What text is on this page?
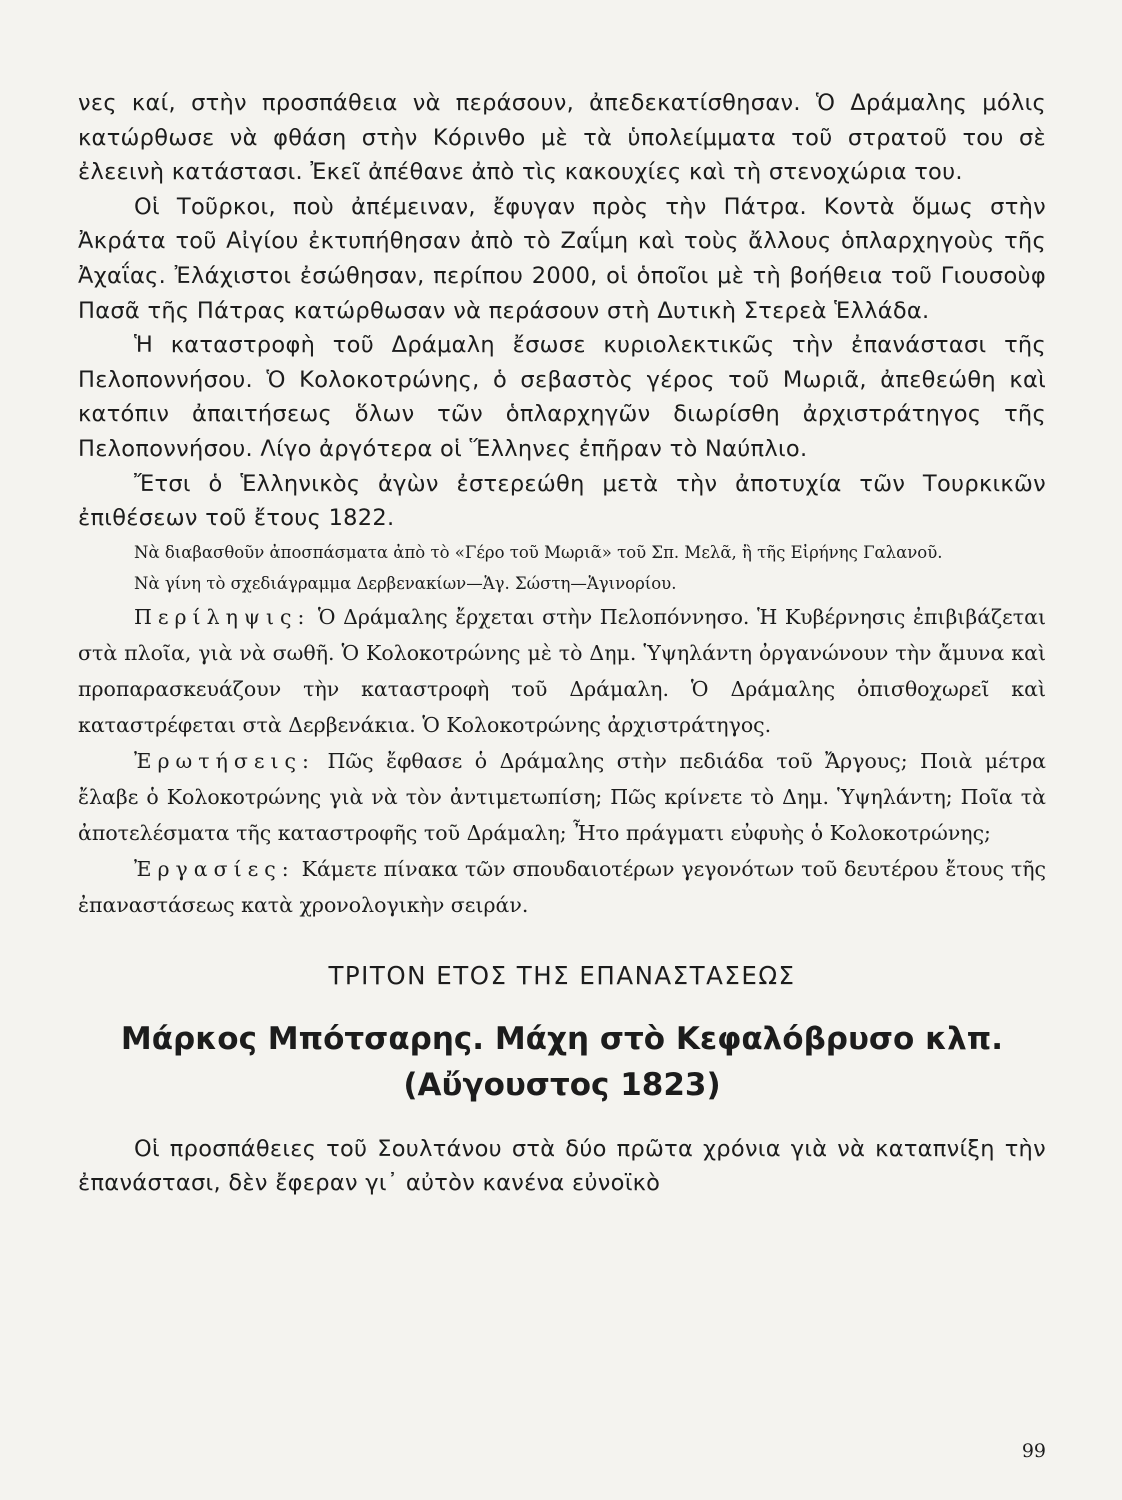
νες καί, στὴν προσπάθεια νὰ περάσουν, ἀπεδεκατίσθησαν. Ὁ Δράμαλης μόλις κατώρθωσε νὰ φθάση στὴν Κόρινθο μὲ τὰ ὑπολείμματα τοῦ στρατοῦ του σὲ ἐλεεινὴ κατάστασι. Ἐκεῖ ἀπέθανε ἀπὸ τὶς κακουχίες καὶ τὴ στενοχώρια του.

Οἱ Τοῦρκοι, ποὺ ἀπέμειναν, ἔφυγαν πρὸς τὴν Πάτρα. Κοντὰ ὅμως στὴν Ἀκράτα τοῦ Αἰγίου ἐκτυπήθησαν ἀπὸ τὸ Ζαΐμη καὶ τοὺς ἄλλους ὁπλαρχηγοὺς τῆς Ἀχαΐας. Ἐλάχιστοι ἐσώθησαν, περίπου 2000, οἱ ὁποῖοι μὲ τὴ βοήθεια τοῦ Γιουσοὺφ Πασᾶ τῆς Πάτρας κατώρθωσαν νὰ περάσουν στὴ Δυτικὴ Στερεὰ Ἑλλάδα.

Ἡ καταστροφὴ τοῦ Δράμαλη ἔσωσε κυριολεκτικῶς τὴν ἐπανάστασι τῆς Πελοποννήσου. Ὁ Κολοκοτρώνης, ὁ σεβαστὸς γέρος τοῦ Μωριᾶ, ἀπεθεώθη καὶ κατόπιν ἀπαιτήσεως ὅλων τῶν ὁπλαρχηγῶν διωρίσθη ἀρχιστράτηγος τῆς Πελοποννήσου. Λίγο ἀργότερα οἱ Ἕλληνες ἐπῆραν τὸ Ναύπλιο.

Ἔτσι ὁ Ἑλληνικὸς ἀγὼν ἐστερεώθη μετὰ τὴν ἀποτυχία τῶν Τουρκικῶν ἐπιθέσεων τοῦ ἔτους 1822.

Νὰ διαβασθοῦν ἀποσπάσματα ἀπὸ τὸ «Γέρο τοῦ Μωριᾶ» τοῦ Σπ. Μελᾶ, ἢ τῆς Εἰρήνης Γαλανοῦ.

Νὰ γίνη τὸ σχεδιάγραμμα Δερβενακίων—Ἁγ. Σώστη—Ἁγινορίου.

Περίληψις: Ὁ Δράμαλης ἔρχεται στὴν Πελοπόννησο. Ἡ Κυβέρνησις ἐπιβιβάζεται στὰ πλοῖα, γιὰ νὰ σωθῆ. Ὁ Κολοκοτρώνης μὲ τὸ Δημ. Ὑψηλάντη ὀργανώνουν τὴν ἄμυνα καὶ προπαρασκευάζουν τὴν καταστροφὴ τοῦ Δράμαλη. Ὁ Δράμαλης ὀπισθοχωρεῖ καὶ καταστρέφεται στὰ Δερβενάκια. Ὁ Κολοκοτρώνης ἀρχιστράτηγος.

Ἐρωτήσεις: Πῶς ἔφθασε ὁ Δράμαλης στὴν πεδιάδα τοῦ Ἄργους; Ποιὰ μέτρα ἔλαβε ὁ Κολοκοτρώνης γιὰ νὰ τὸν ἀντιμετωπίση; Πῶς κρίνετε τὸ Δημ. Ὑψηλάντη; Ποῖα τὰ ἀποτελέσματα τῆς καταστροφῆς τοῦ Δράμαλη; Ἦτο πράγματι εὐφυὴς ὁ Κολοκοτρώνης;

Ἐργασίες: Κάμετε πίνακα τῶν σπουδαιοτέρων γεγονότων τοῦ δευτέρου ἔτους τῆς ἐπαναστάσεως κατὰ χρονολογικὴν σειράν.

ΤΡΙΤΟΝ ΕΤΟΣ ΤΗΣ ΕΠΑΝΑΣΤΑΣΕΩΣ
Μάρκος Μπότσαρης. Μάχη στὸ Κεφαλόβρυσο κλπ.
(Αὔγουστος 1823)

Οἱ προσπάθειες τοῦ Σουλτάνου στὰ δύο πρῶτα χρόνια γιὰ νὰ καταπνίξη τὴν ἐπανάστασι, δὲν ἔφεραν γι᾿ αὐτὸν κανένα εὐνοϊκὸ

99
